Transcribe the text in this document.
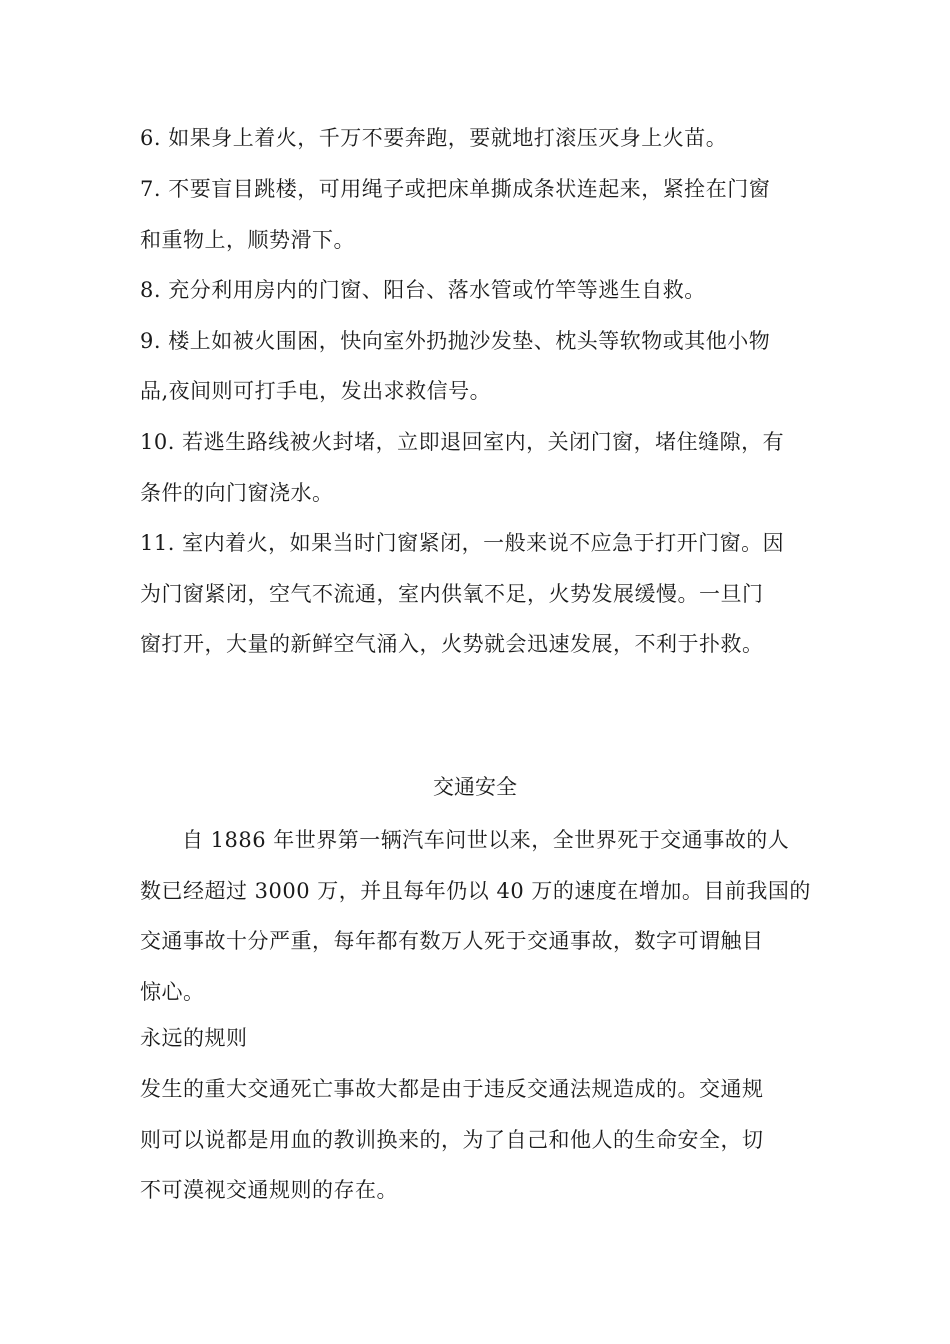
6. 如果身上着火，千万不要奔跑，要就地打滚压灭身上火苗。
7. 不要盲目跳楼，可用绳子或把床单撕成条状连起来，紧拴在门窗
和重物上，顺势滑下。
8. 充分利用房内的门窗、阳台、落水管或竹竿等逃生自救。
9. 楼上如被火围困，快向室外扔抛沙发垫、枕头等软物或其他小物
品,夜间则可打手电，发出求救信号。
10. 若逃生路线被火封堵，立即退回室内，关闭门窗，堵住缝隙，有
条件的向门窗浇水。
11. 室内着火，如果当时门窗紧闭，一般来说不应急于打开门窗。因
为门窗紧闭，空气不流通，室内供氧不足，火势发展缓慢。一旦门
窗打开，大量的新鲜空气涌入，火势就会迅速发展，不利于扑救。
交通安全
自 1886 年世界第一辆汽车问世以来，全世界死于交通事故的人
数已经超过 3000 万，并且每年仍以 40 万的速度在增加。目前我国的
交通事故十分严重，每年都有数万人死于交通事故，数字可谓触目
惊心。
永远的规则
发生的重大交通死亡事故大都是由于违反交通法规造成的。交通规
则可以说都是用血的教训换来的，为了自己和他人的生命安全，切
不可漠视交通规则的存在。
